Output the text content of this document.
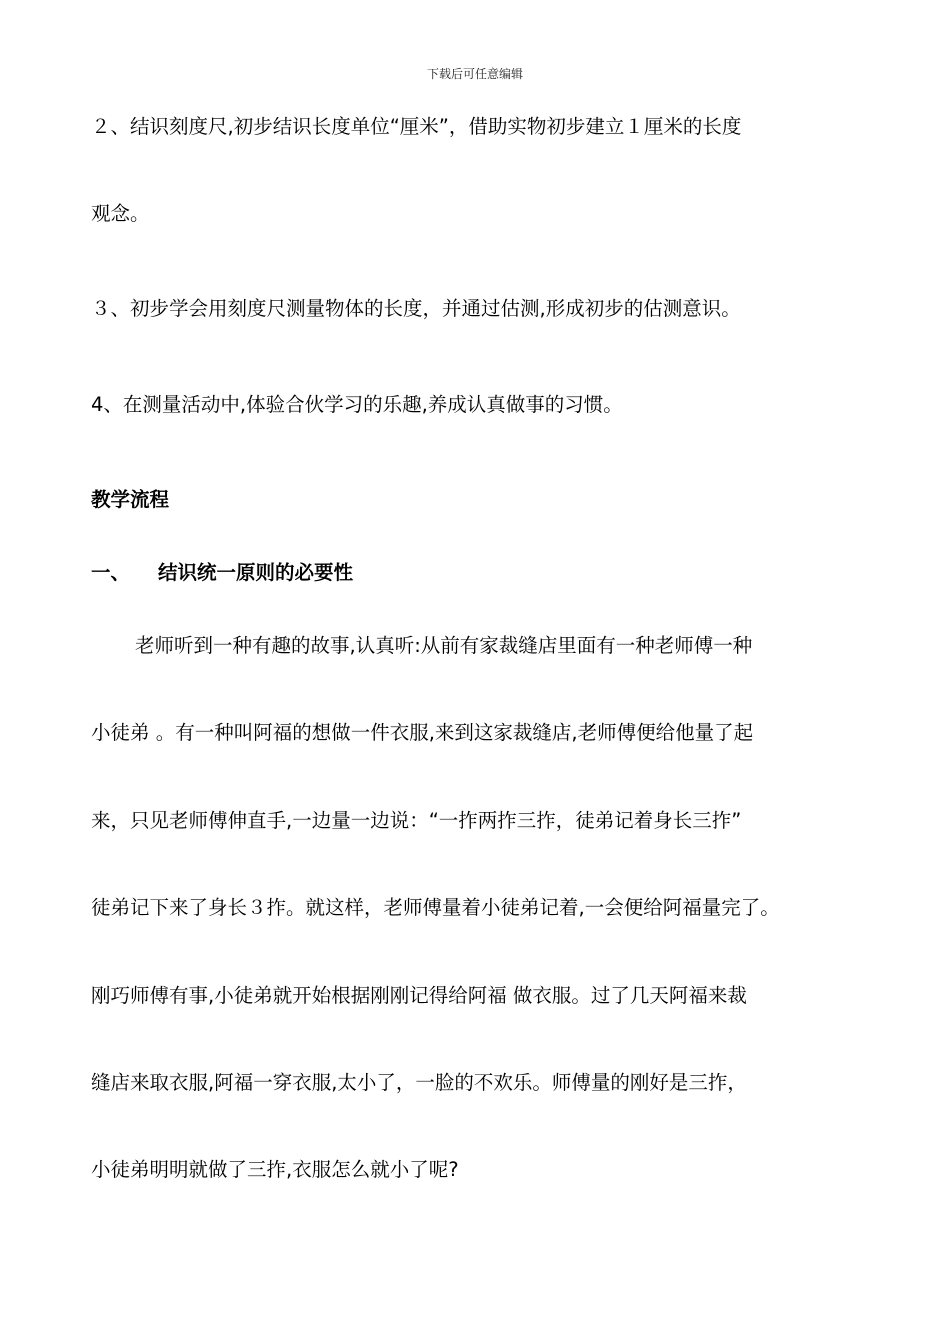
下载后可任意编辑
２、结识刻度尺,初步结识长度单位“厘米”，借助实物初步建立１厘米的长度
观念。
３、初步学会用刻度尺测量物体的长度，并通过估测,形成初步的估测意识。
4、在测量活动中,体验合伙学习的乐趣,养成认真做事的习惯。
教学流程
一、 结识统一原则的必要性
老师听到一种有趣的故事,认真听:从前有家裁缝店里面有一种老师傅一种
小徒弟 。有一种叫阿福的想做一件衣服,来到这家裁缝店,老师傅便给他量了起
来，只见老师傅伸直手,一边量一边说：“一拃两拃三拃，徒弟记着身长三拃”
徒弟记下来了身长３拃。就这样，老师傅量着小徒弟记着,一会便给阿福量完了。
刚巧师傅有事,小徒弟就开始根据刚刚记得给阿福 做衣服。过了几天阿福来裁
缝店来取衣服,阿福一穿衣服,太小了，一脸的不欢乐。师傅量的刚好是三拃，
小徒弟明明就做了三拃,衣服怎么就小了呢?
